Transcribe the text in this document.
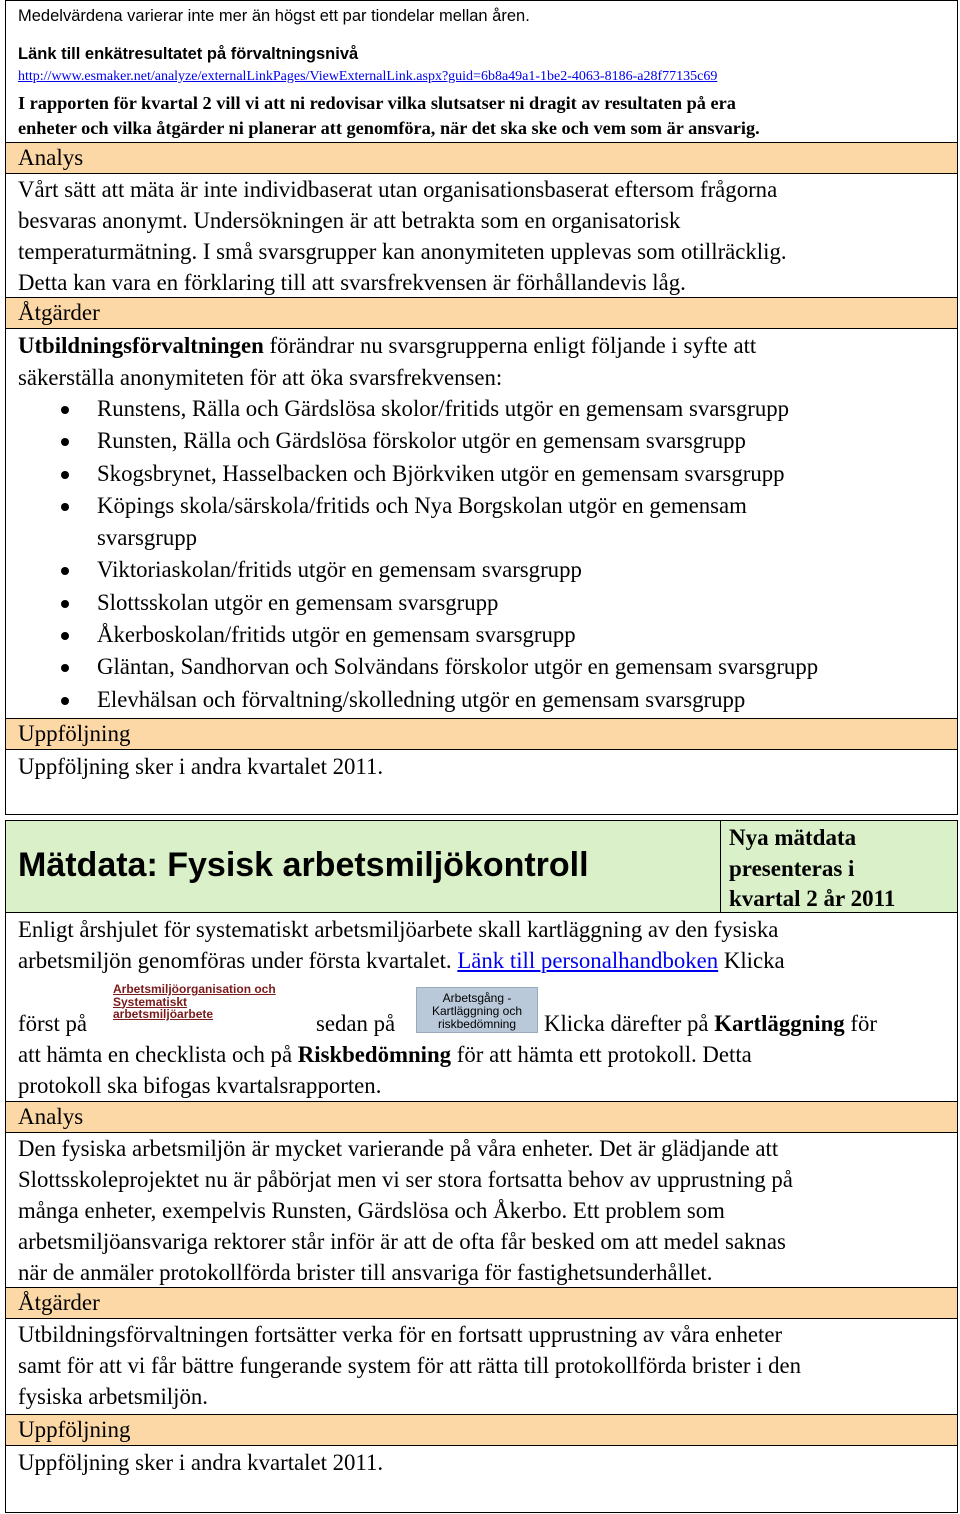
Medelvärdena varierar inte mer än högst ett par tiondelar mellan åren.
Länk till enkätresultatet på förvaltningsnivå
http://www.esmaker.net/analyze/externalLinkPages/ViewExternalLink.aspx?guid=6b8a49a1-1be2-4063-8186-a28f77135c69
I rapporten för kvartal 2 vill vi att ni redovisar vilka slutsatser ni dragit av resultaten på era
enheter och vilka åtgärder ni planerar att genomföra, när det ska ske och vem som är ansvarig.
Analys
Vårt sätt att mäta är inte individbaserat utan organisationsbaserat eftersom frågorna
besvaras anonymt. Undersökningen är att betrakta som en organisatorisk
temperaturmätning. I små svarsgrupper kan anonymiteten upplevas som otillräcklig.
Detta kan vara en förklaring till att svarsfrekvensen är förhållandevis låg.
Åtgärder
Utbildningsförvaltningen förändrar nu svarsgrupperna enligt följande i syfte att
säkerställa anonymiteten för att öka svarsfrekvensen:
Runstens, Rälla och Gärdslösa skolor/fritids utgör en gemensam svarsgrupp
Runsten, Rälla och Gärdslösa förskolor utgör en gemensam svarsgrupp
Skogsbrynet, Hasselbacken och Björkviken utgör en gemensam svarsgrupp
Köpings skola/särskola/fritids och Nya Borgskolan utgör en gemensam
svarsgrupp
Viktoriaskolan/fritids utgör en gemensam svarsgrupp
Slottsskolan utgör en gemensam svarsgrupp
Åkerboskolan/fritids utgör en gemensam svarsgrupp
Gläntan, Sandhorvan och Solvändans förskolor utgör en gemensam svarsgrupp
Elevhälsan och förvaltning/skolledning utgör en gemensam svarsgrupp
Uppföljning
Uppföljning sker i andra kvartalet 2011.
Mätdata: Fysisk arbetsmiljökontroll
Nya mätdata
presenteras i
kvartal 2 år 2011
Enligt årshjulet för systematiskt arbetsmiljöarbete skall kartläggning av den fysiska
arbetsmiljön genomföras under första kvartalet. Länk till personalhandboken Klicka
först på
Arbetsmiljöorganisation och
Systematiskt
arbetsmiljöarbete	sedan på
Arbetsgång -
Kartläggning och
riskbedömning	Klicka därefter på Kartläggning för
att hämta en checklista och på Riskbedömning för att hämta ett protokoll. Detta
protokoll ska bifogas kvartalsrapporten.
Analys
Den fysiska arbetsmiljön är mycket varierande på våra enheter. Det är glädjande att
Slottsskoleprojektet nu är påbörjat men vi ser stora fortsatta behov av upprustning på
många enheter, exempelvis Runsten, Gärdslösa och Åkerbo. Ett problem som
arbetsmiljöansvariga rektorer står inför är att de ofta får besked om att medel saknas
när de anmäler protokollförda brister till ansvariga för fastighetsunderhållet.
Åtgärder
Utbildningsförvaltningen fortsätter verka för en fortsatt upprustning av våra enheter
samt för att vi får bättre fungerande system för att rätta till protokollförda brister i den
fysiska arbetsmiljön.
Uppföljning
Uppföljning sker i andra kvartalet 2011.
